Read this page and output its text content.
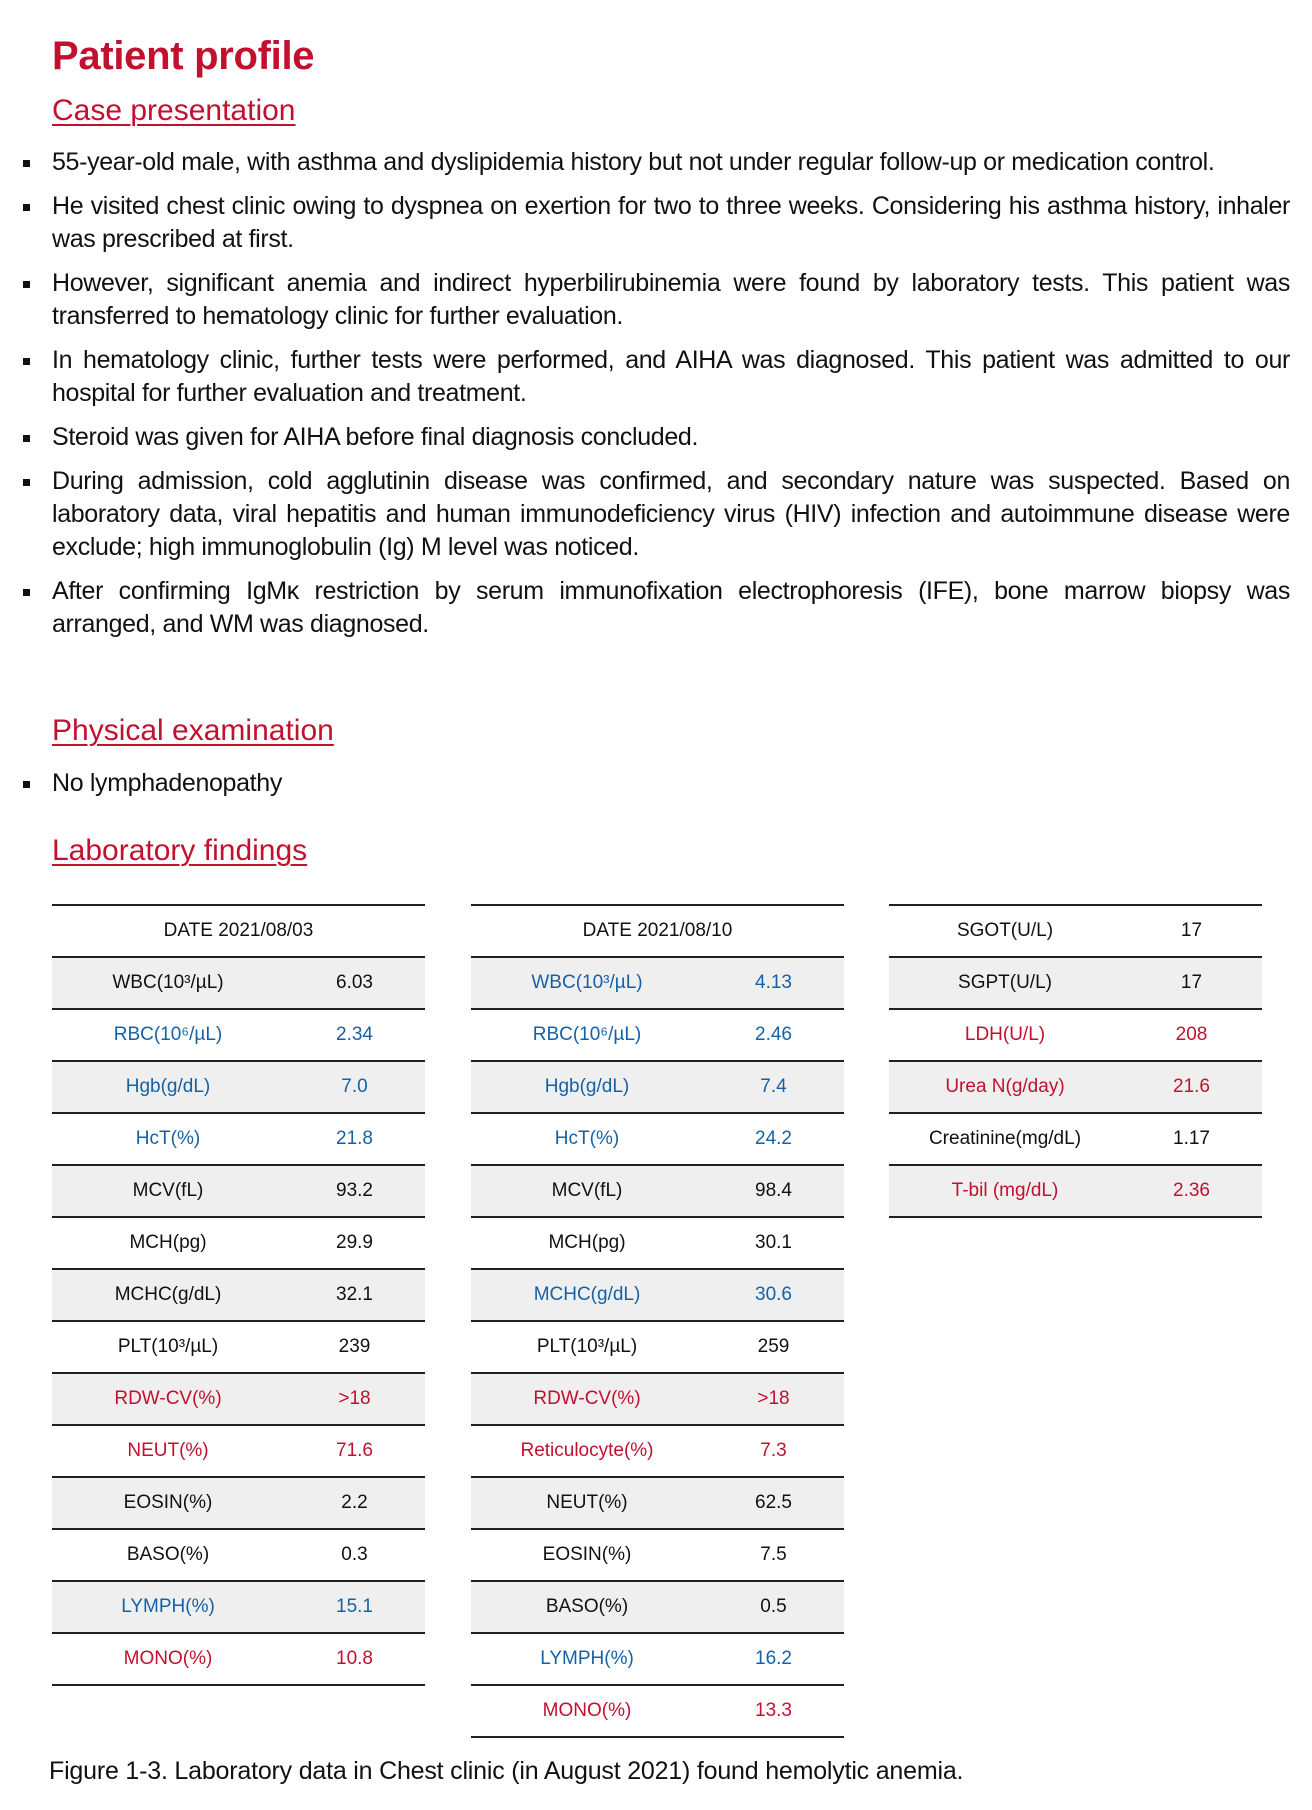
Patient profile
Case presentation
55-year-old male, with asthma and dyslipidemia history but not under regular follow-up or medication control.
He visited chest clinic owing to dyspnea on exertion for two to three weeks. Considering his asthma history, inhaler was prescribed at first.
However, significant anemia and indirect hyperbilirubinemia were found by laboratory tests. This patient was transferred to hematology clinic for further evaluation.
In hematology clinic, further tests were performed, and AIHA was diagnosed. This patient was admitted to our hospital for further evaluation and treatment.
Steroid was given for AIHA before final diagnosis concluded.
During admission, cold agglutinin disease was confirmed, and secondary nature was suspected. Based on laboratory data, viral hepatitis and human immunodeficiency virus (HIV) infection and autoimmune disease were exclude; high immunoglobulin (Ig) M level was noticed.
After confirming IgMκ restriction by serum immunofixation electrophoresis (IFE), bone marrow biopsy was arranged, and WM was diagnosed.
Physical examination
No lymphadenopathy
Laboratory findings
DATE 2021/08/03	
WBC(10³/µL)	6.03
RBC(10⁶/µL)	2.34
Hgb(g/dL)	7.0
HcT(%)	21.8
MCV(fL)	93.2
MCH(pg)	29.9
MCHC(g/dL)	32.1
PLT(10³/µL)	239
RDW-CV(%)	>18
NEUT(%)	71.6
EOSIN(%)	2.2
BASO(%)	0.3
LYMPH(%)	15.1
MONO(%)	10.8
DATE 2021/08/10	
WBC(10³/µL)	4.13
RBC(10⁶/µL)	2.46
Hgb(g/dL)	7.4
HcT(%)	24.2
MCV(fL)	98.4
MCH(pg)	30.1
MCHC(g/dL)	30.6
PLT(10³/µL)	259
RDW-CV(%)	>18
Reticulocyte(%)	7.3
NEUT(%)	62.5
EOSIN(%)	7.5
BASO(%)	0.5
LYMPH(%)	16.2
MONO(%)	13.3
SGOT(U/L)	17
SGPT(U/L)	17
LDH(U/L)	208
Urea N(g/day)	21.6
Creatinine(mg/dL)	1.17
T-bil (mg/dL)	2.36

Figure 1-3. Laboratory data in Chest clinic (in August 2021) found hemolytic anemia.
